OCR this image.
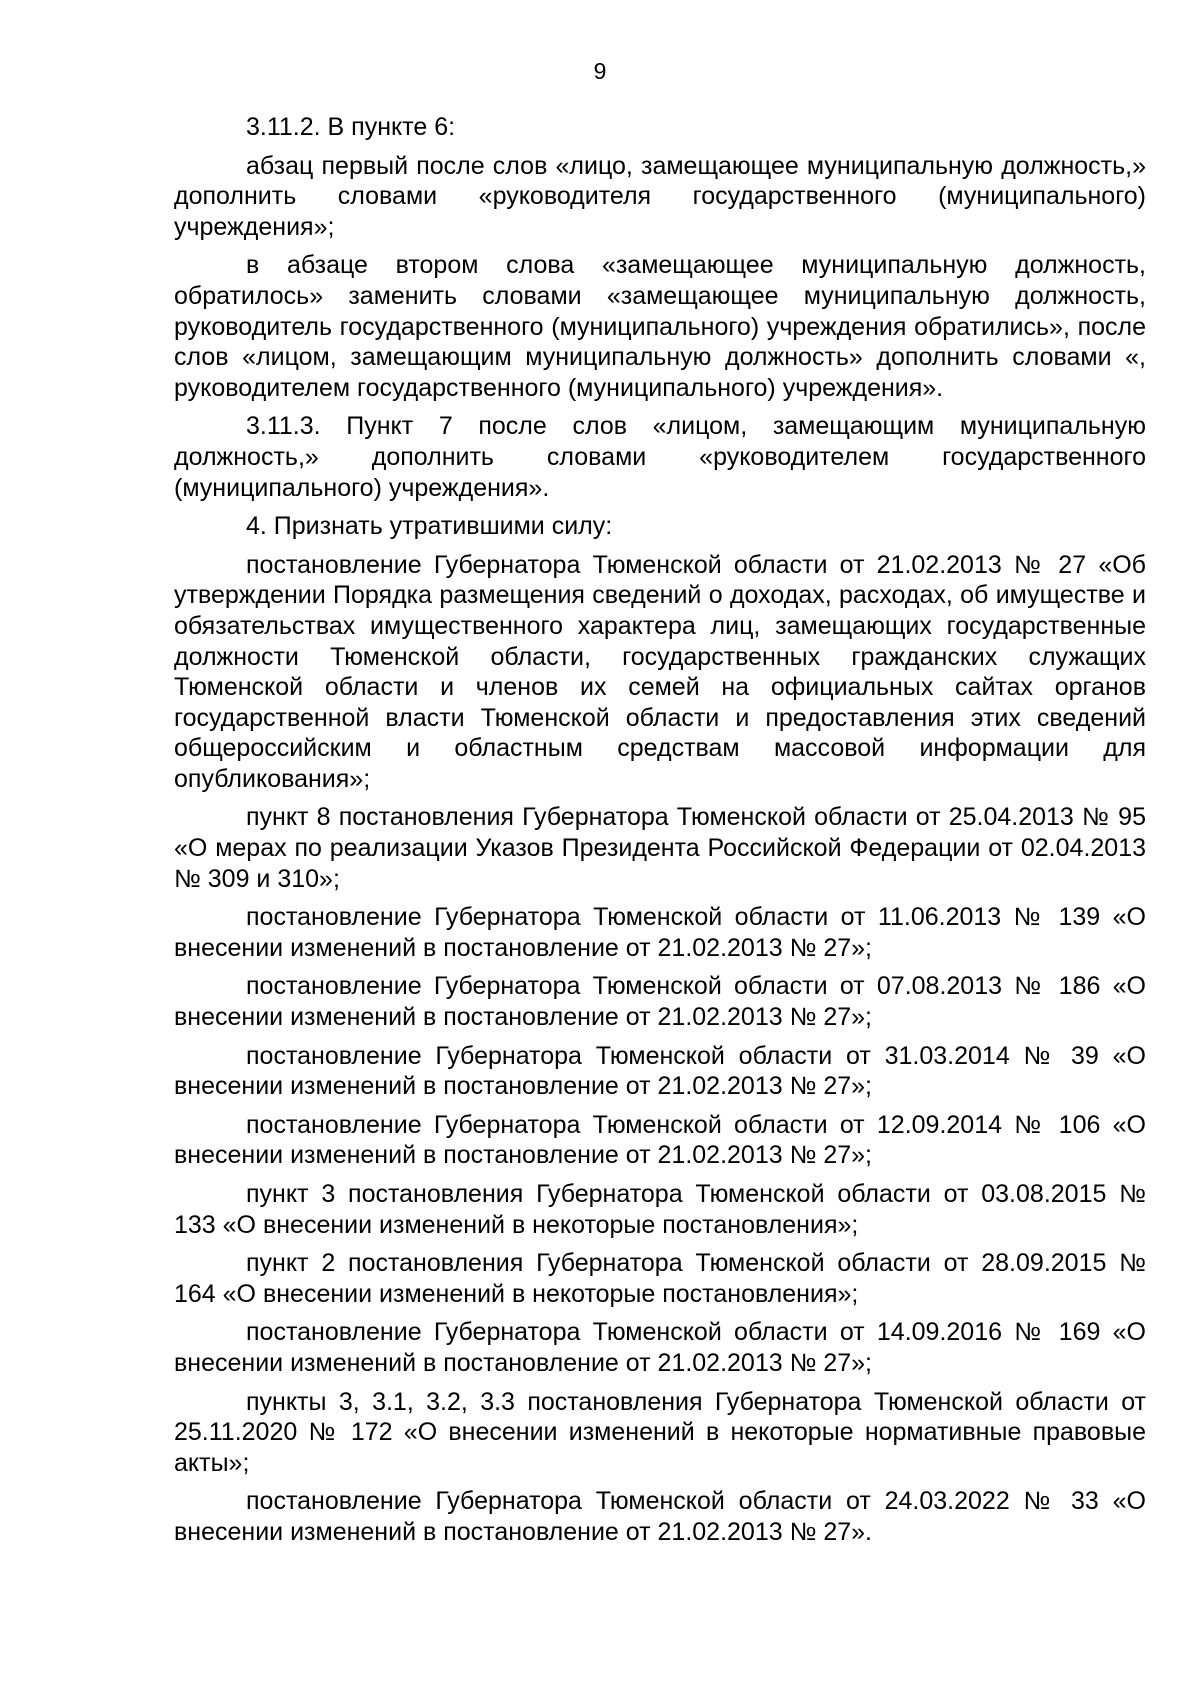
9

3.11.2. В пункте 6:

абзац первый после слов «лицо, замещающее муниципальную должность,» дополнить словами «руководителя государственного (муниципального) учреждения»;

в абзаце втором слова «замещающее муниципальную должность, обратилось» заменить словами «замещающее муниципальную должность, руководитель государственного (муниципального) учреждения обратились», после слов «лицом, замещающим муниципальную должность» дополнить словами «, руководителем государственного (муниципального) учреждения».

3.11.3. Пункт 7 после слов «лицом, замещающим муниципальную должность,» дополнить словами «руководителем государственного (муниципального) учреждения».

4. Признать утратившими силу:

постановление Губернатора Тюменской области от 21.02.2013 № 27 «Об утверждении Порядка размещения сведений о доходах, расходах, об имуществе и обязательствах имущественного характера лиц, замещающих государственные должности Тюменской области, государственных гражданских служащих Тюменской области и членов их семей на официальных сайтах органов государственной власти Тюменской области и предоставления этих сведений общероссийским и областным средствам массовой информации для опубликования»;

пункт 8 постановления Губернатора Тюменской области от 25.04.2013 № 95 «О мерах по реализации Указов Президента Российской Федерации от 02.04.2013 № 309 и 310»;

постановление Губернатора Тюменской области от 11.06.2013 № 139 «О внесении изменений в постановление от 21.02.2013 № 27»;

постановление Губернатора Тюменской области от 07.08.2013 № 186 «О внесении изменений в постановление от 21.02.2013 № 27»;

постановление Губернатора Тюменской области от 31.03.2014 № 39 «О внесении изменений в постановление от 21.02.2013 № 27»;

постановление Губернатора Тюменской области от 12.09.2014 № 106 «О внесении изменений в постановление от 21.02.2013 № 27»;

пункт 3 постановления Губернатора Тюменской области от 03.08.2015 № 133 «О внесении изменений в некоторые постановления»;

пункт 2 постановления Губернатора Тюменской области от 28.09.2015 № 164 «О внесении изменений в некоторые постановления»;

постановление Губернатора Тюменской области от 14.09.2016 № 169 «О внесении изменений в постановление от 21.02.2013 № 27»;

пункты 3, 3.1, 3.2, 3.3 постановления Губернатора Тюменской области от 25.11.2020 № 172 «О внесении изменений в некоторые нормативные правовые акты»;

постановление Губернатора Тюменской области от 24.03.2022 № 33 «О внесении изменений в постановление от 21.02.2013 № 27».
